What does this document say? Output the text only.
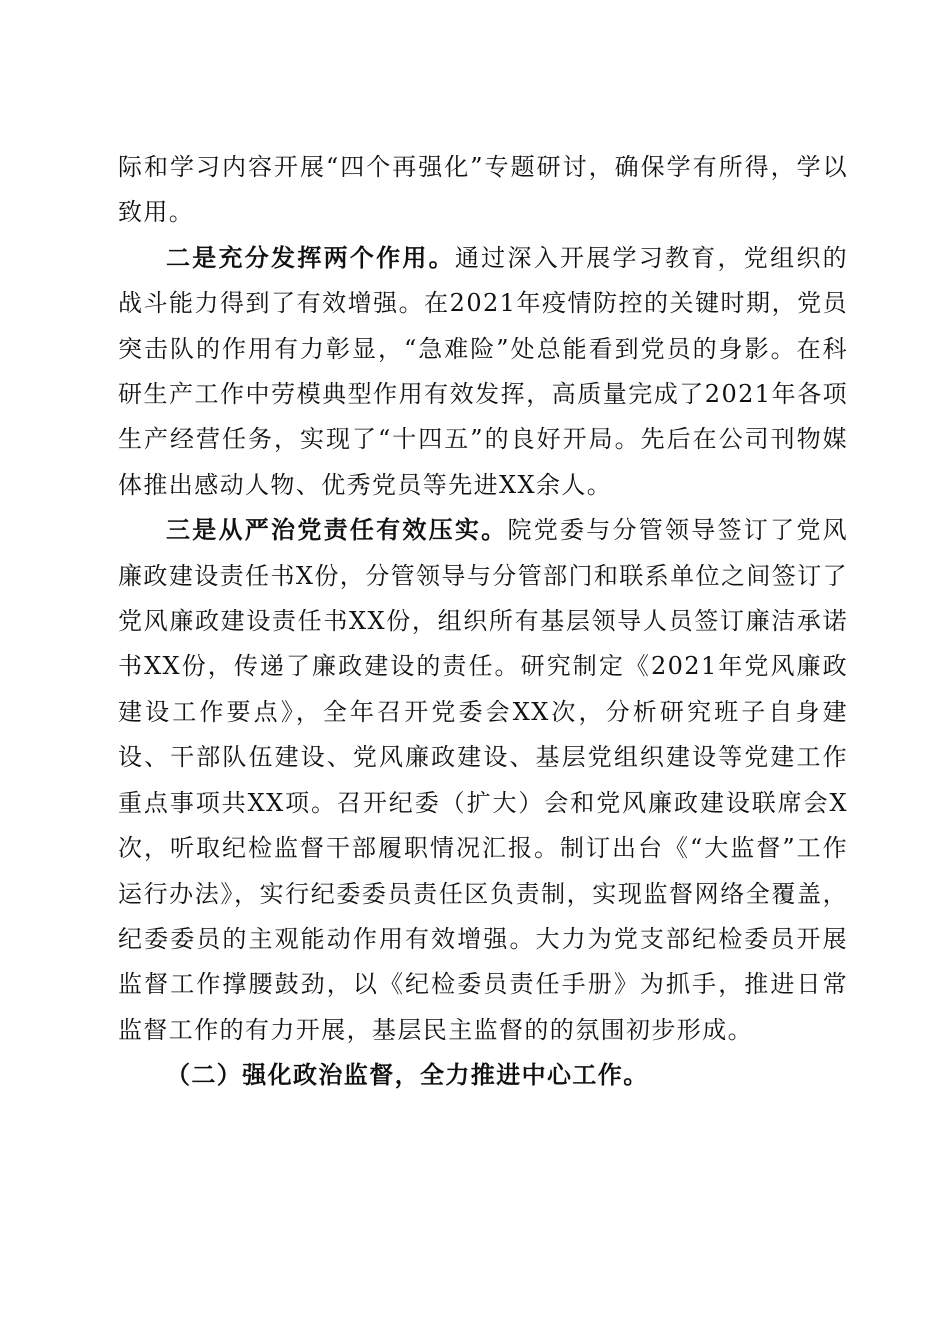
际和学习内容开展“四个再强化”专题研讨，确保学有所得，学以致用。

二是充分发挥两个作用。通过深入开展学习教育，党组织的战斗能力得到了有效增强。在2021年疫情防控的关键时期，党员突击队的作用有力彰显，“急难险”处总能看到党员的身影。在科研生产工作中劳模典型作用有效发挥，高质量完成了2021年各项生产经营任务，实现了“十四五”的良好开局。先后在公司刊物媒体推出感动人物、优秀党员等先进XX余人。

三是从严治党责任有效压实。院党委与分管领导签订了党风廉政建设责任书X份，分管领导与分管部门和联系单位之间签订了党风廉政建设责任书XX份，组织所有基层领导人员签订廉洁承诺书XX份，传递了廉政建设的责任。研究制定《2021年党风廉政建设工作要点》，全年召开党委会XX次，分析研究班子自身建设、干部队伍建设、党风廉政建设、基层党组织建设等党建工作重点事项共XX项。召开纪委（扩大）会和党风廉政建设联席会X次，听取纪检监督干部履职情况汇报。制订出台《“大监督”工作运行办法》，实行纪委委员责任区负责制，实现监督网络全覆盖，纪委委员的主观能动作用有效增强。大力为党支部纪检委员开展监督工作撑腰鼓劲，以《纪检委员责任手册》为抓手，推进日常监督工作的有力开展，基层民主监督的的氛围初步形成。

（二）强化政治监督，全力推进中心工作。
